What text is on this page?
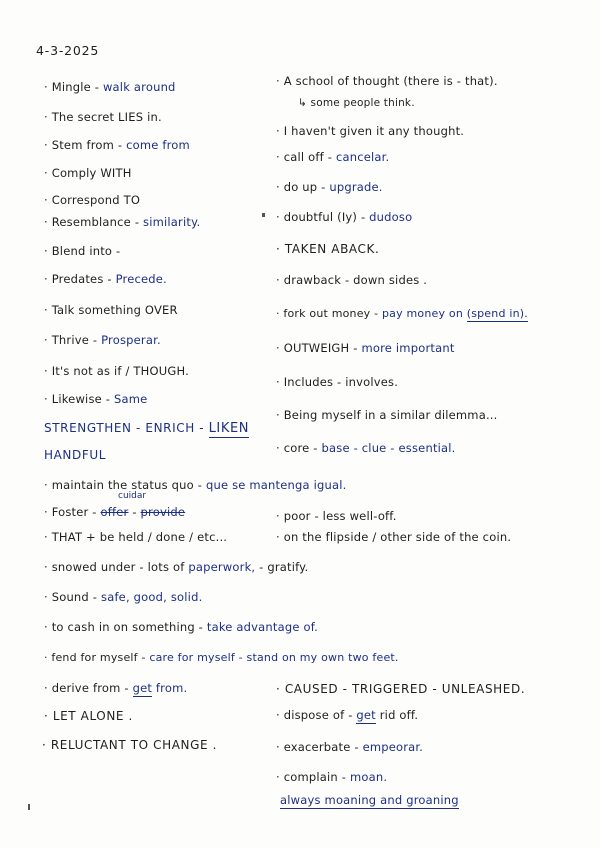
4-3-2025
· Mingle - walk around
· The secret LIES in.
· Stem from - come from
· Comply WITH
· Correspond TO
· Resemblance - similarity.
· Blend into -
· Predates - Precede.
· Talk something OVER
· Thrive - Prosperar.
· It's not as if / THOUGH.
· Likewise - Same
STRENGTHEN - ENRICH - LIKEN
HANDFUL
· maintain the status quo - que se mantenga igual.
· Foster - offer - provide
cuidar
· THAT + be held / done / etc...
· snowed under - lots of paperwork, - gratify.
· Sound - safe, good, solid.
· to cash in on something - take advantage of.
· fend for myself - care for myself - stand on my own two feet.
· derive from - get from.
· LET ALONE .
· RELUCTANT TO CHANGE .
· A school of thought (there is - that).
↳ some people think.
· I haven't given it any thought.
· call off - cancelar.
· do up - upgrade.
· doubtful (Iy) - dudoso
· TAKEN ABACK.
· drawback - down sides .
· fork out money - pay money on (spend in).
· OUTWEIGH - more important
· Includes - involves.
· Being myself in a similar dilemma...
· core - base - clue - essential.
· poor - less well-off.
· on the flipside / other side of the coin.
· CAUSED - TRIGGERED - UNLEASHED.
· dispose of - get rid off.
· exacerbate - empeorar.
· complain - moan.
always moaning and groaning
